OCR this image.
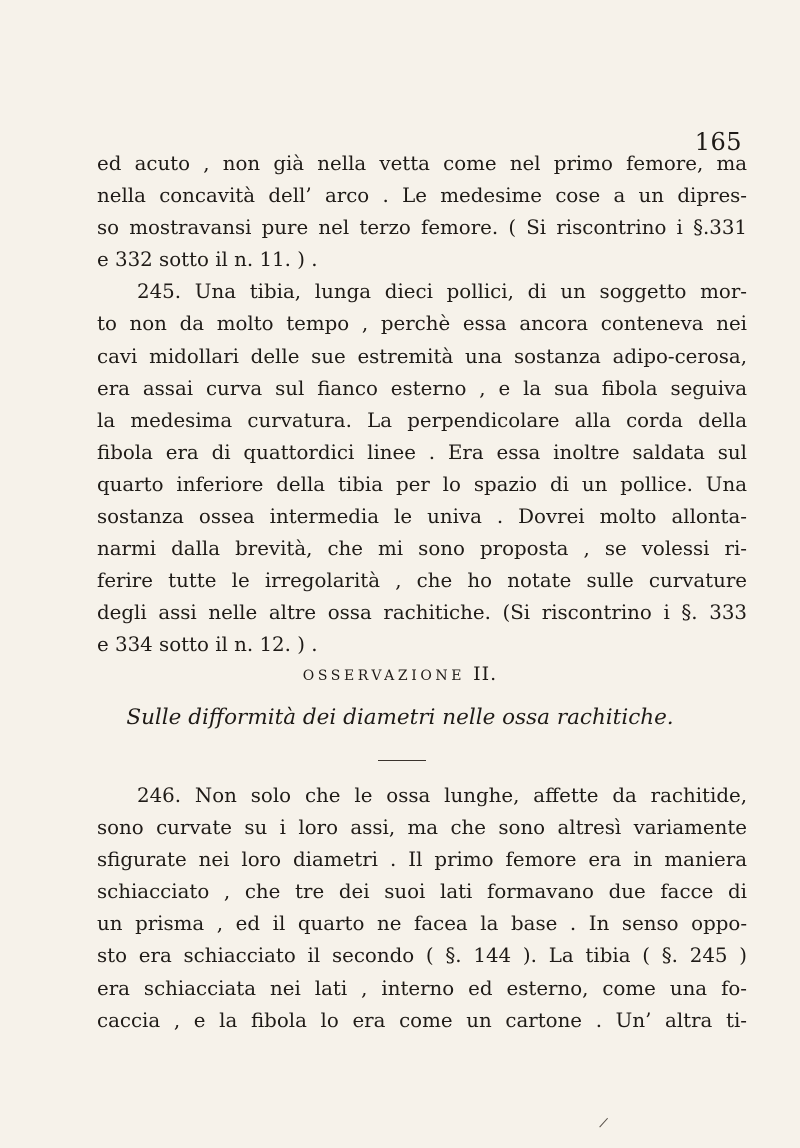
165
ed acuto , non già nella vetta come nel primo femore, ma
nella concavità dell’ arco . Le medesime cose a un dipres-
so mostravansi pure nel terzo femore. ( Si riscontrino i §.331
e 332 sotto il n. 11. ) .
245. Una tibia, lunga dieci pollici, di un soggetto mor-
to non da molto tempo , perchè essa ancora conteneva nei
cavi midollari delle sue estremità una sostanza adipo-cerosa,
era assai curva sul fianco esterno , e la sua fibola seguiva
la medesima curvatura. La perpendicolare alla corda della
fibola era di quattordici linee . Era essa inoltre saldata sul
quarto inferiore della tibia per lo spazio di un pollice. Una
sostanza ossea intermedia le univa . Dovrei molto allonta-
narmi dalla brevità, che mi sono proposta , se volessi ri-
ferire tutte le irregolarità , che ho notate sulle curvature
degli assi nelle altre ossa rachitiche. (Si riscontrino i §. 333
e 334 sotto il n. 12. ) .
OSSERVAZIONE II.
Sulle difformità dei diametri nelle ossa rachitiche.
246. Non solo che le ossa lunghe, affette da rachitide,
sono curvate su i loro assi, ma che sono altresì variamente
sfigurate nei loro diametri . Il primo femore era in maniera
schiacciato , che tre dei suoi lati formavano due facce di
un prisma , ed il quarto ne facea la base . In senso oppo-
sto era schiacciato il secondo ( §. 144 ). La tibia ( §. 245 )
era schiacciata nei lati , interno ed esterno, come una fo-
caccia , e la fibola lo era come un cartone . Un’ altra ti-
